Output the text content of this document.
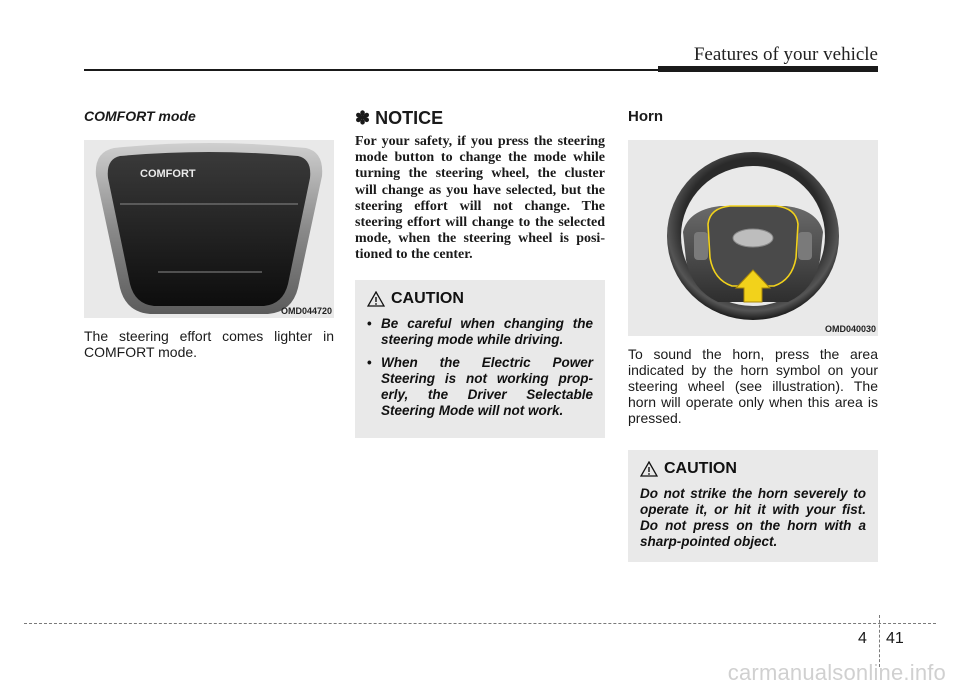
Features of your vehicle
COMFORT mode
COMFORT
OMD044720

The steering effort comes lighter in COMFORT mode.

✽ NOTICE

For your safety, if you press the steering mode button to change the mode while turning the steering wheel, the cluster will change as you have selected, but the steering effort will not change. The steering effort will change to the selected mode, when the steering wheel is posi-tioned to the center.

CAUTION
• Be careful when changing the steering mode while driving.
• When the Electric Power Steering is not working prop-erly, the Driver Selectable Steering Mode will not work.
Horn
OMD040030

To sound the horn, press the area indicated by the horn symbol on your steering wheel (see illustration). The horn will operate only when this area is pressed.

CAUTION

Do not strike the horn severely to operate it, or hit it with your fist. Do not press on the horn with a sharp-pointed object.

4 41
carmanualsonline.info
